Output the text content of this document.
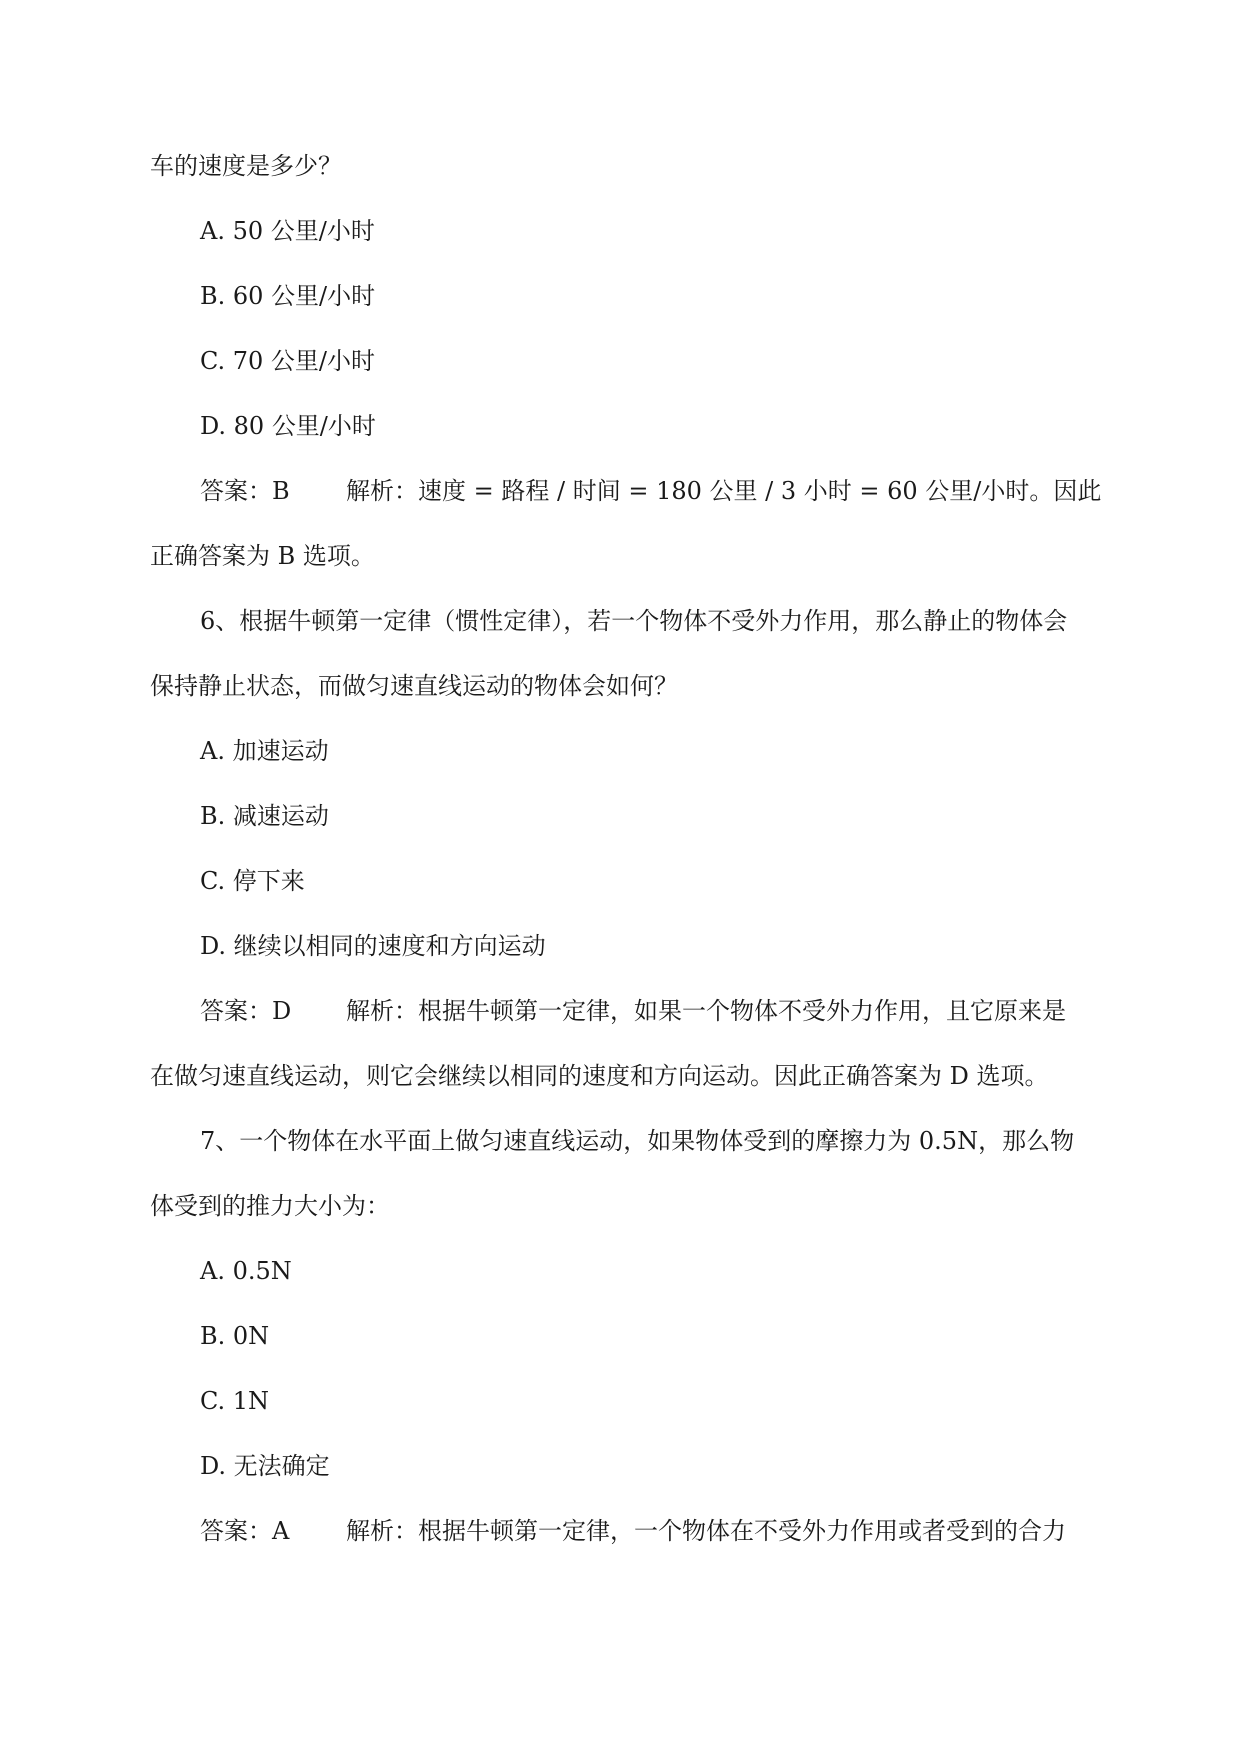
车的速度是多少？
A. 50 公里/小时
B. 60 公里/小时
C. 70 公里/小时
D. 80 公里/小时
答案：B 解析：速度 = 路程 / 时间 = 180 公里 / 3 小时 = 60 公里/小时。因此
正确答案为 B 选项。
6、根据牛顿第一定律（惯性定律），若一个物体不受外力作用，那么静止的物体会
保持静止状态，而做匀速直线运动的物体会如何？
A. 加速运动
B. 减速运动
C. 停下来
D. 继续以相同的速度和方向运动
答案：D 解析：根据牛顿第一定律，如果一个物体不受外力作用，且它原来是
在做匀速直线运动，则它会继续以相同的速度和方向运动。因此正确答案为 D 选项。
7、一个物体在水平面上做匀速直线运动，如果物体受到的摩擦力为 0.5N，那么物
体受到的推力大小为：
A. 0.5N
B. 0N
C. 1N
D. 无法确定
答案：A 解析：根据牛顿第一定律，一个物体在不受外力作用或者受到的合力
